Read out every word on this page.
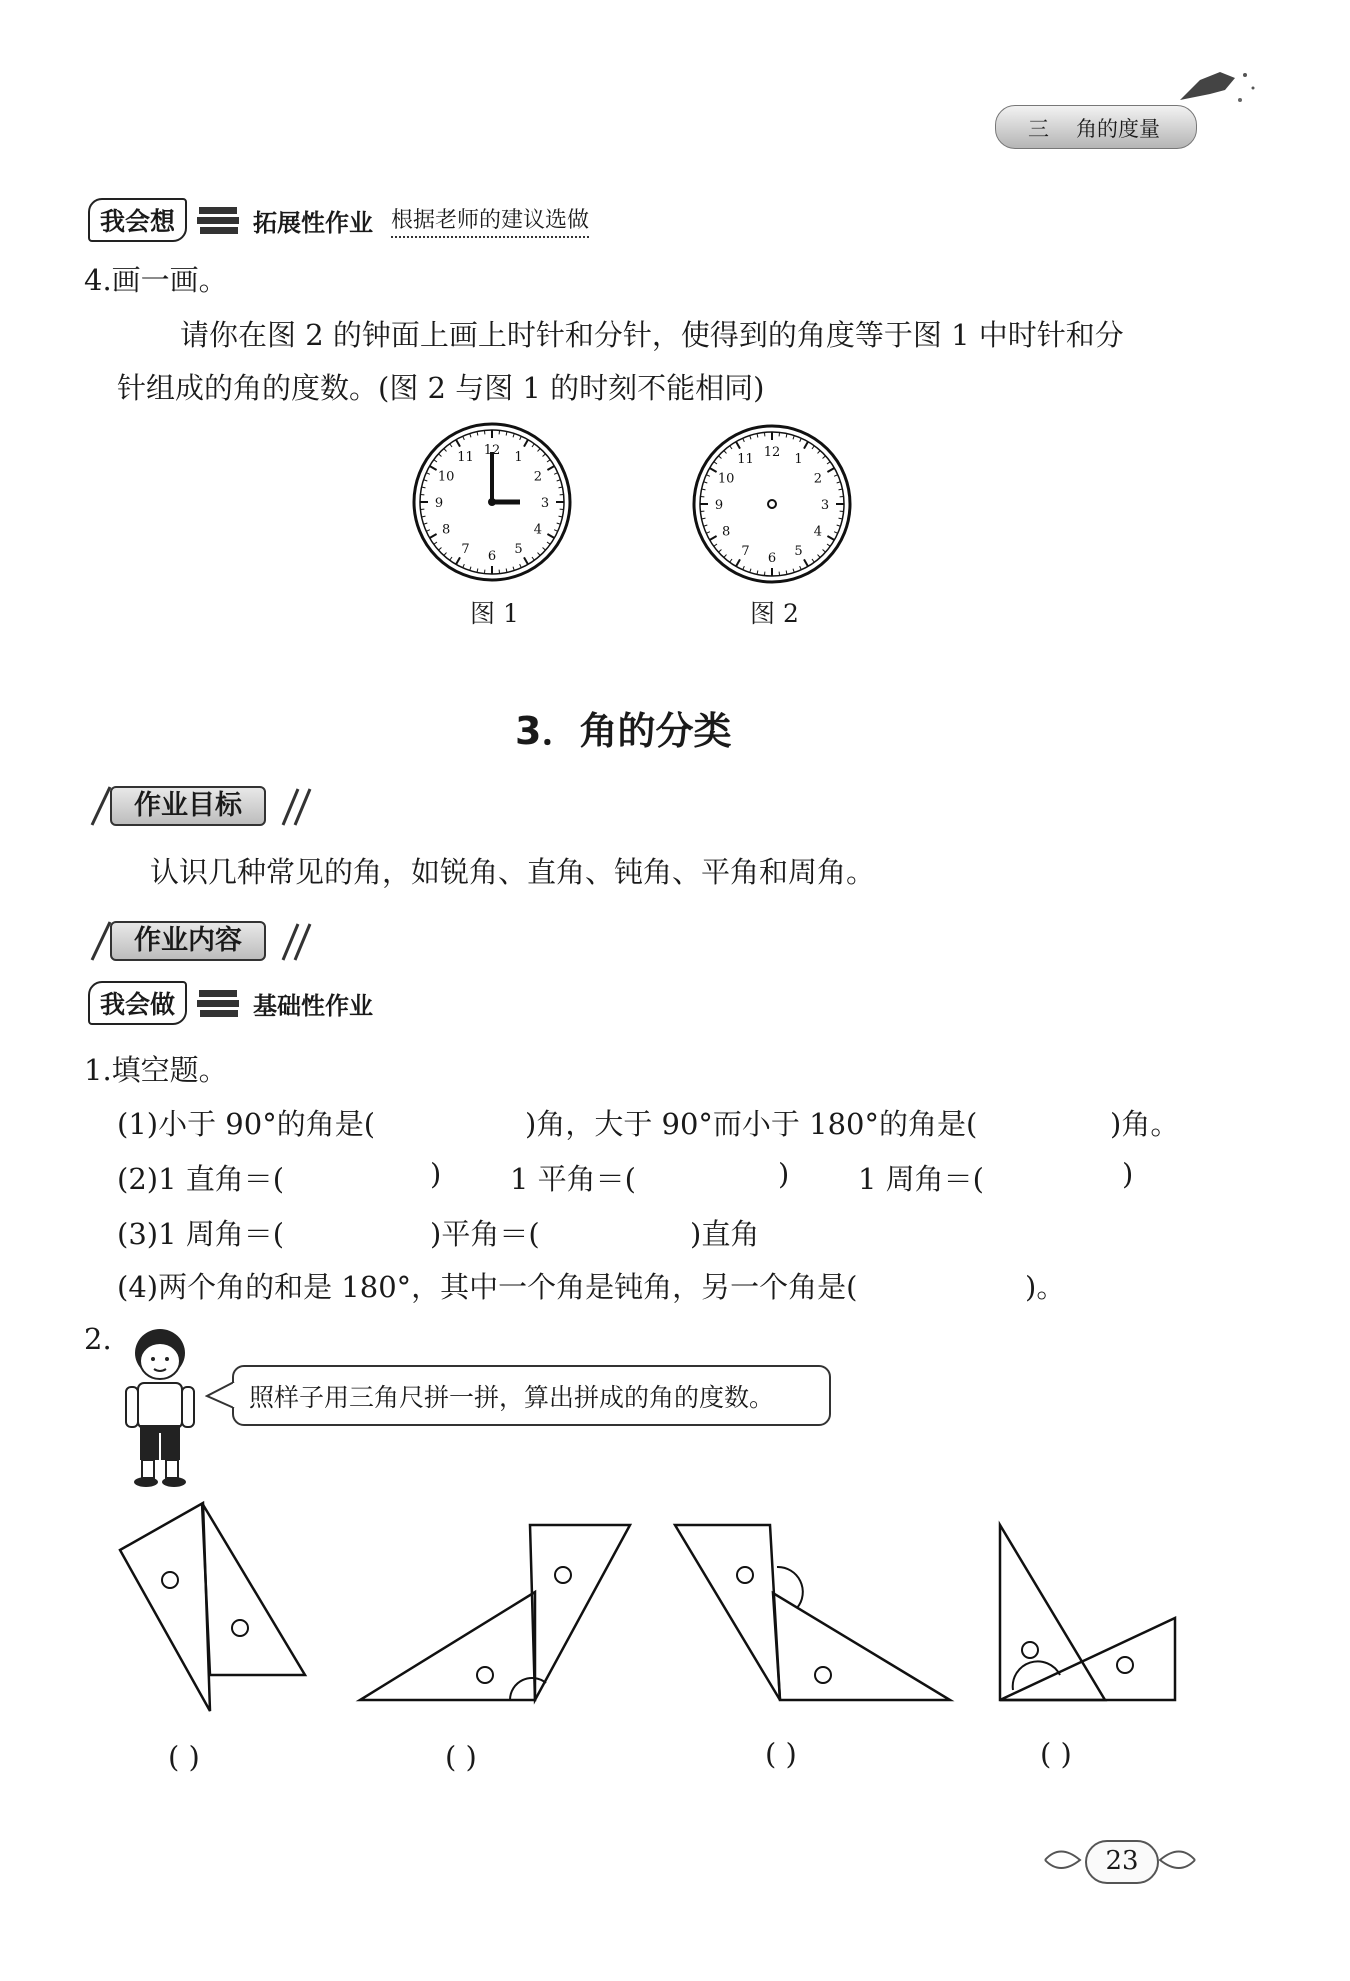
三 角的度量
我会想	拓展性作业 根据老师的建议选做
4.画一画。
请你在图 2 的钟面上画上时针和分针，使得到的角度等于图 1 中时针和分
针组成的角的度数。(图 2 与图 1 的时刻不能相同)
12 1
2
3
4
5
6
7
8
9
10
11	12 1
2
3
4
5
6
7
8
9
10
11
图 1	图 2
3．角的分类
作业目标
认识几种常见的角，如锐角、直角、钝角、平角和周角。
作业内容
我会做	基础性作业
1.填空题。
(1)小于 90°的角是(	)角，大于 90°而小于 180°的角是(	)角。
(2)1 直角＝(	) 1 平角＝(	) 1 周角＝(	)
(3)1 周角＝(	)平角＝(	)直角
(4)两个角的和是 180°，其中一个角是钝角，另一个角是(	)。
2.
照样子用三角尺拼一拼，算出拼成的角的度数。
( )	( )	( )	( )
23
